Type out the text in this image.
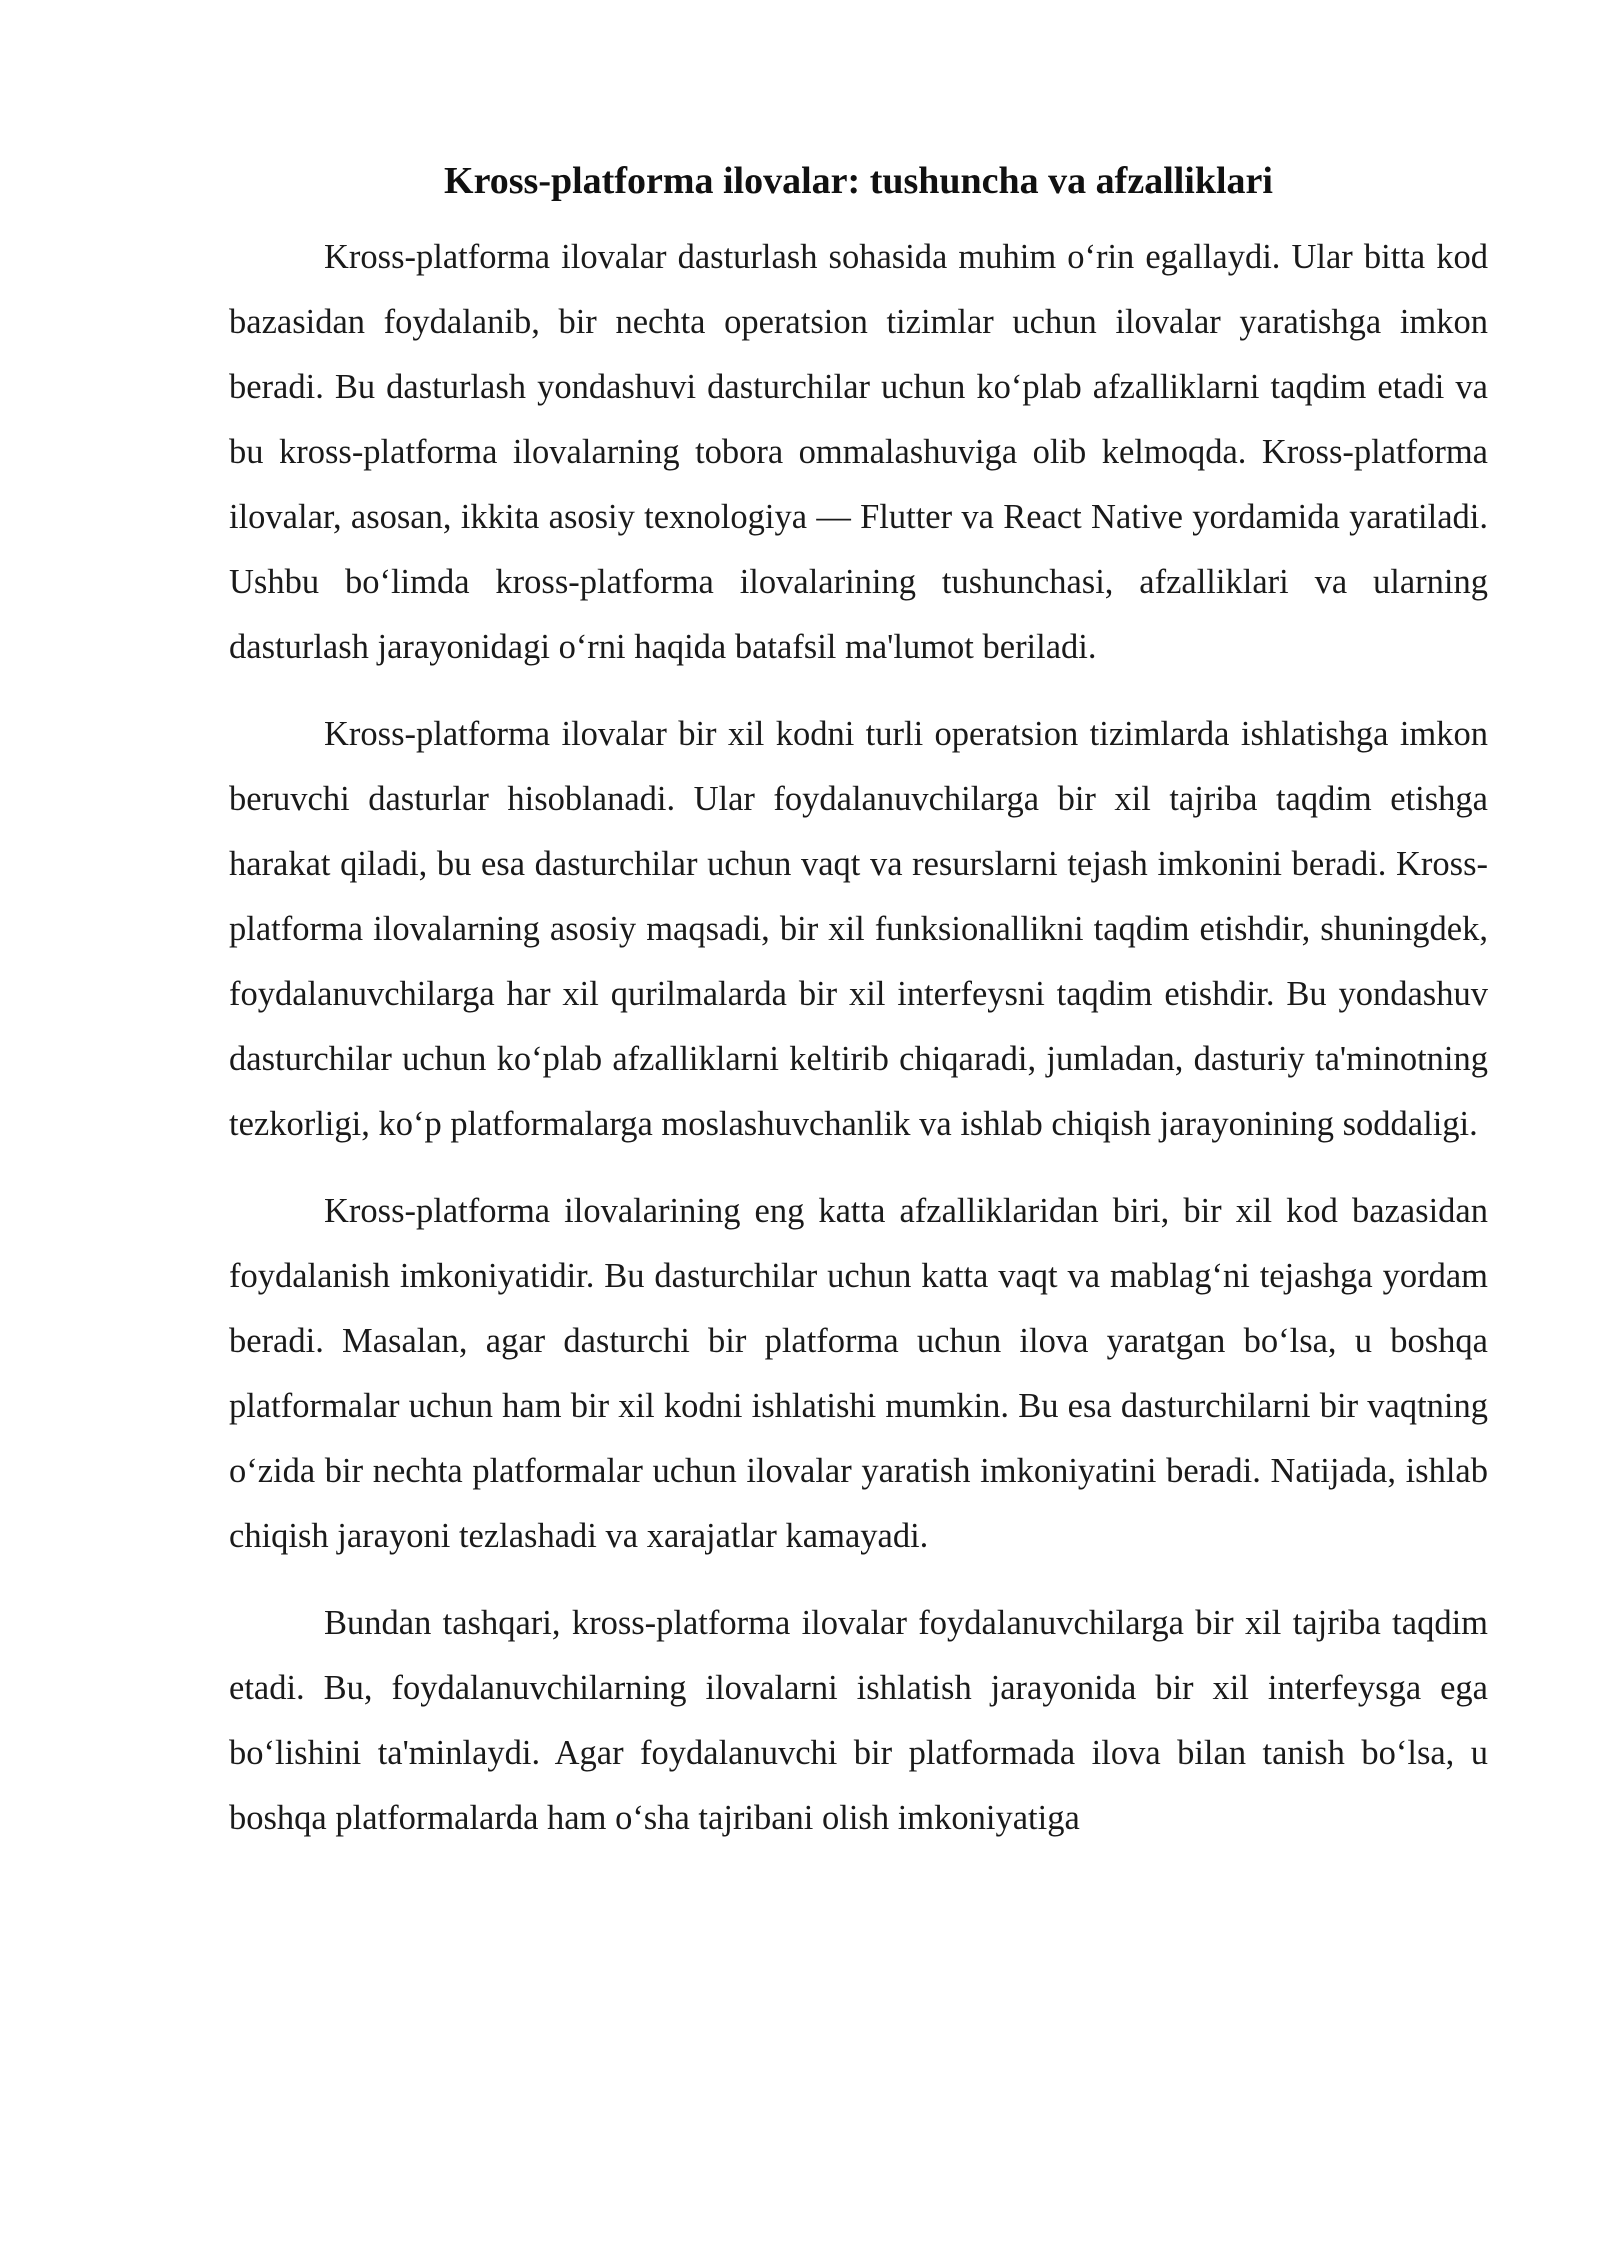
Kross-platforma ilovalar: tushuncha va afzalliklari

Kross-platforma ilovalar dasturlash sohasida muhim o‘rin egallaydi. Ular bitta kod bazasidan foydalanib, bir nechta operatsion tizimlar uchun ilovalar yaratishga imkon beradi. Bu dasturlash yondashuvi dasturchilar uchun ko‘plab afzalliklarni taqdim etadi va bu kross-platforma ilovalarning tobora ommalashuviga olib kelmoqda. Kross-platforma ilovalar, asosan, ikkita asosiy texnologiya — Flutter va React Native yordamida yaratiladi. Ushbu bo‘limda kross-platforma ilovalarining tushunchasi, afzalliklari va ularning dasturlash jarayonidagi o‘rni haqida batafsil ma'lumot beriladi.

Kross-platforma ilovalar bir xil kodni turli operatsion tizimlarda ishlatishga imkon beruvchi dasturlar hisoblanadi. Ular foydalanuvchilarga bir xil tajriba taqdim etishga harakat qiladi, bu esa dasturchilar uchun vaqt va resurslarni tejash imkonini beradi. Kross-platforma ilovalarning asosiy maqsadi, bir xil funksionallikni taqdim etishdir, shuningdek, foydalanuvchilarga har xil qurilmalarda bir xil interfeysni taqdim etishdir. Bu yondashuv dasturchilar uchun ko‘plab afzalliklarni keltirib chiqaradi, jumladan, dasturiy ta'minotning tezkorligi, ko‘p platformalarga moslashuvchanlik va ishlab chiqish jarayonining soddaligi.

Kross-platforma ilovalarining eng katta afzalliklaridan biri, bir xil kod bazasidan foydalanish imkoniyatidir. Bu dasturchilar uchun katta vaqt va mablag‘ni tejashga yordam beradi. Masalan, agar dasturchi bir platforma uchun ilova yaratgan bo‘lsa, u boshqa platformalar uchun ham bir xil kodni ishlatishi mumkin. Bu esa dasturchilarni bir vaqtning o‘zida bir nechta platformalar uchun ilovalar yaratish imkoniyatini beradi. Natijada, ishlab chiqish jarayoni tezlashadi va xarajatlar kamayadi.

Bundan tashqari, kross-platforma ilovalar foydalanuvchilarga bir xil tajriba taqdim etadi. Bu, foydalanuvchilarning ilovalarni ishlatish jarayonida bir xil interfeysga ega bo‘lishini ta'minlaydi. Agar foydalanuvchi bir platformada ilova bilan tanish bo‘lsa, u boshqa platformalarda ham o‘sha tajribani olish imkoniyatiga
